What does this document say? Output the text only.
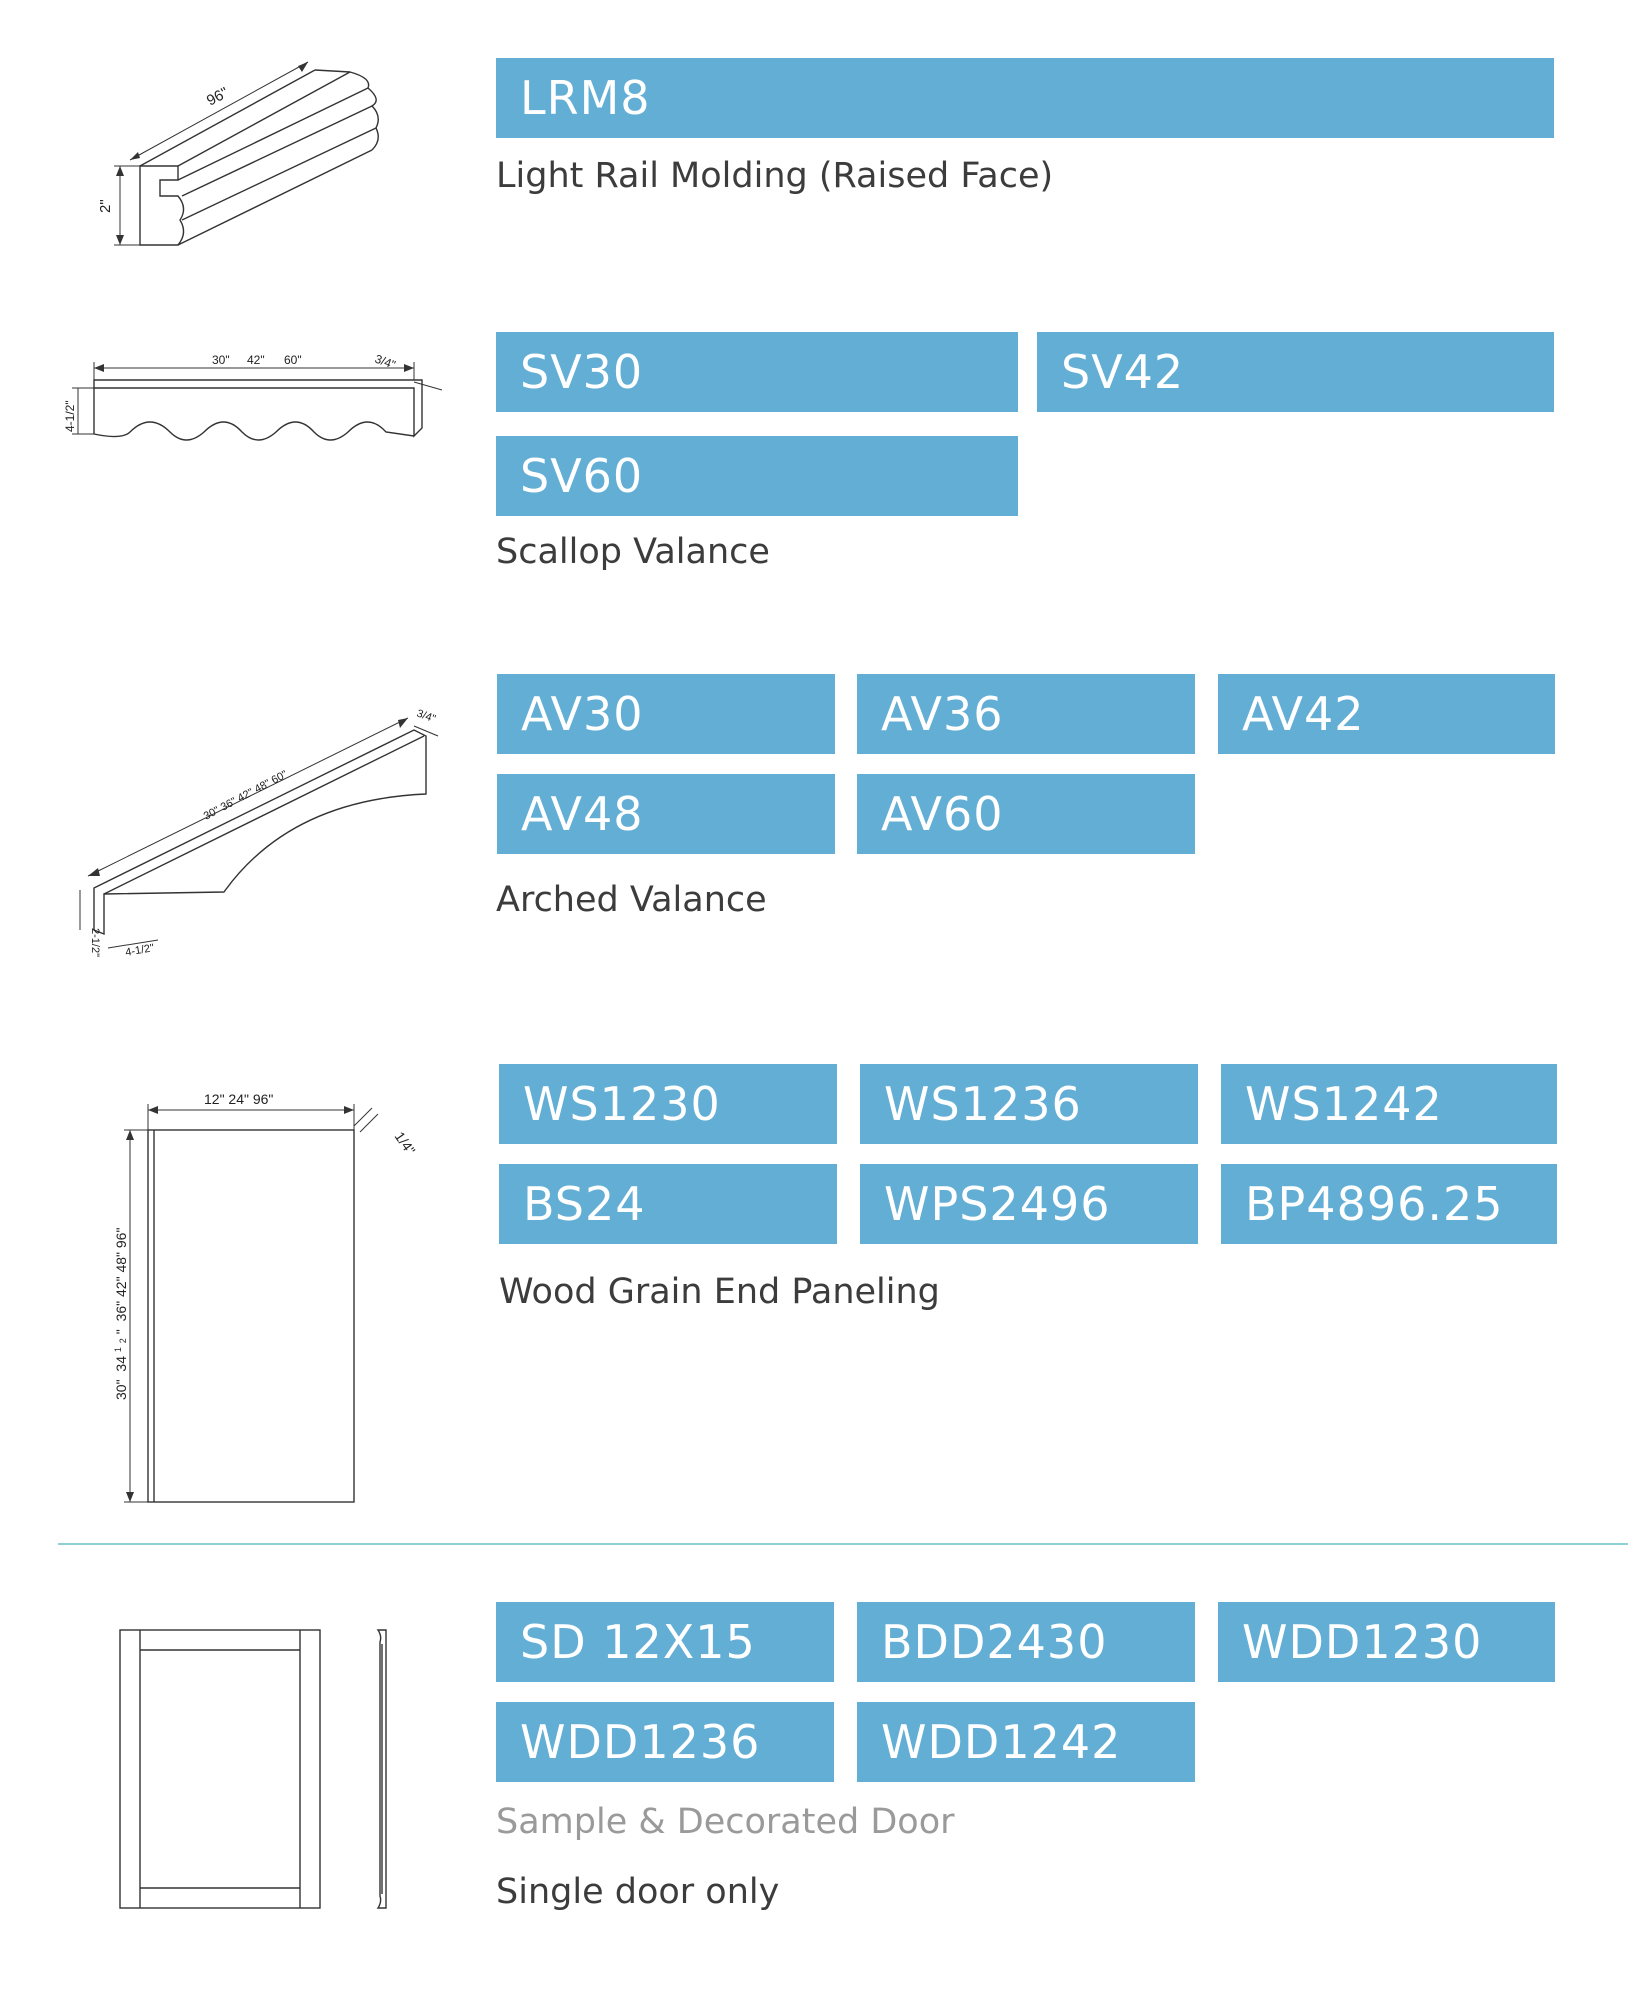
96"
2"
LRM8
Light Rail Molding (Raised Face)
30" 42" 60"	3/4"
4-1/2"
SV30	SV42
SV60
Scallop Valance
30" 36" 42" 48" 60"
3/4"
2-1/2" 4-1/2"
AV30	AV36	AV42
AV48	AV60
Arched Valance
12" 24" 96"
1/4"
30" 34 $^1$ $_2$ " 36" 42" 48" 96"
WS1230	WS1236	WS1242
BS24	WPS2496	BP4896.25
Wood Grain End Paneling
SD 12X15	BDD2430	WDD1230
WDD1236	WDD1242
Sample & Decorated Door
Single door only
